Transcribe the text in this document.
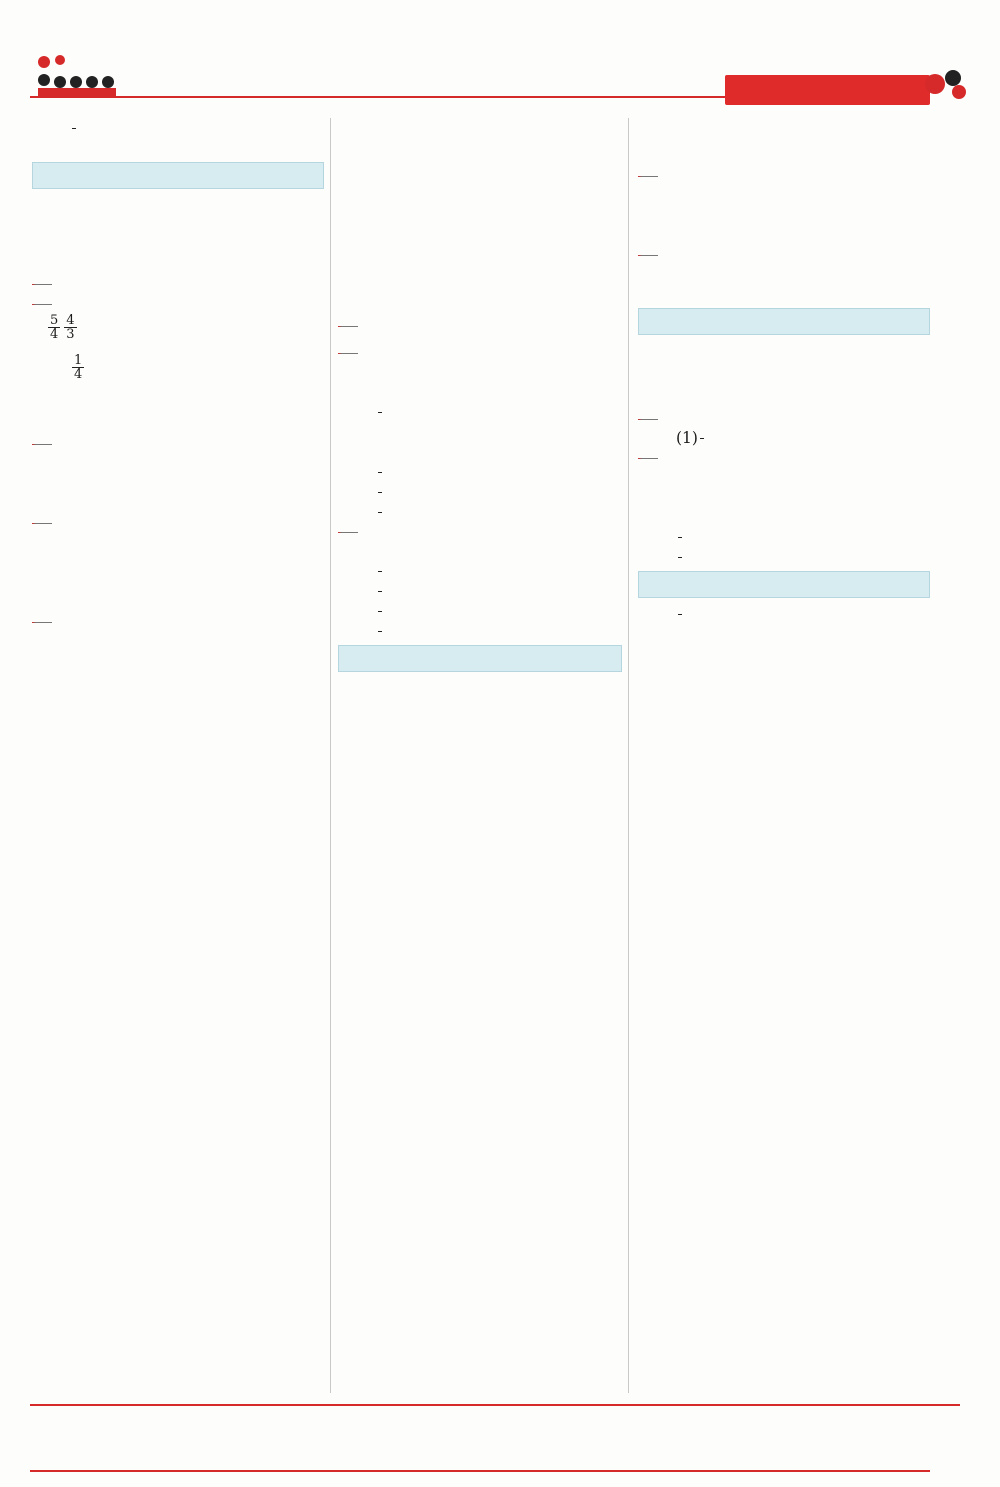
$\frac{5}{4} \frac{4}{3}$
$\frac{1}{4}$

(1)
